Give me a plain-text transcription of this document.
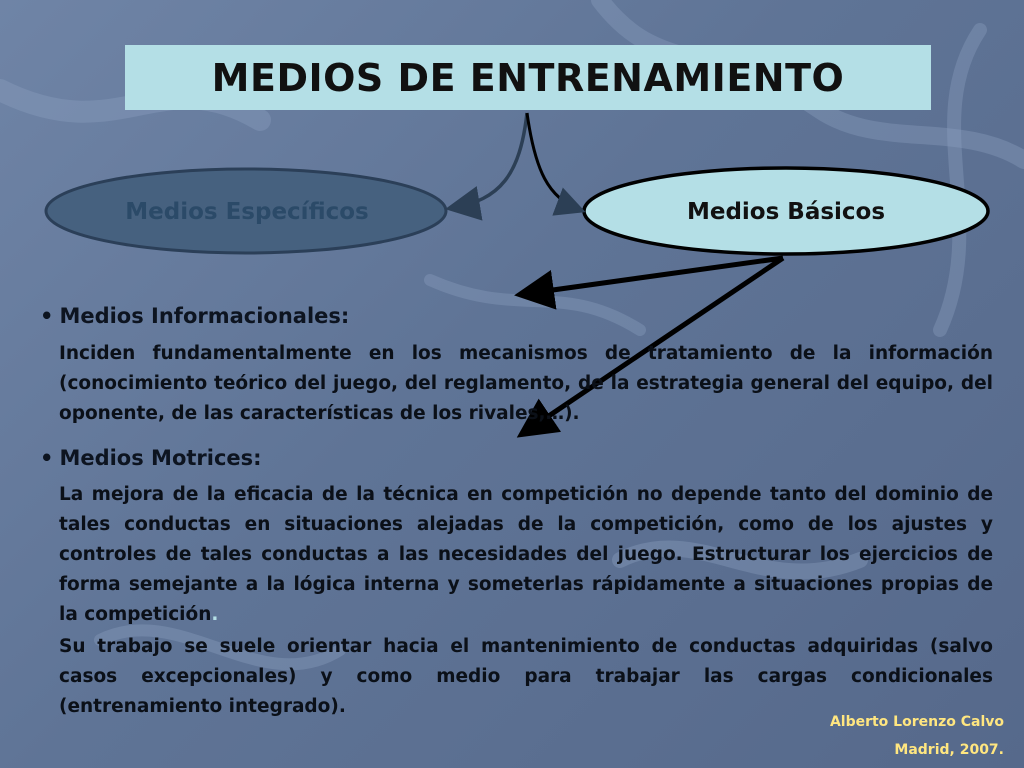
MEDIOS DE ENTRENAMIENTO
Medios Específicos	Medios Básicos
• Medios Informacionales:
Inciden fundamentalmente en los mecanismos de tratamiento de la información (conocimiento teórico del juego, del reglamento, de la estrategia general del equipo, del oponente, de las características de los rivales,…).
• Medios Motrices:
La mejora de la eficacia de la técnica en competición no depende tanto del dominio de tales conductas en situaciones alejadas de la competición, como de los ajustes y controles de tales conductas a las necesidades del juego. Estructurar los ejercicios de forma semejante a la lógica interna y someterlas rápidamente a situaciones propias de la competición.
Su trabajo se suele orientar hacia el mantenimiento de conductas adquiridas (salvo casos excepcionales) y como medio para trabajar las cargas condicionales (entrenamiento integrado).
Alberto Lorenzo Calvo
Madrid, 2007.
